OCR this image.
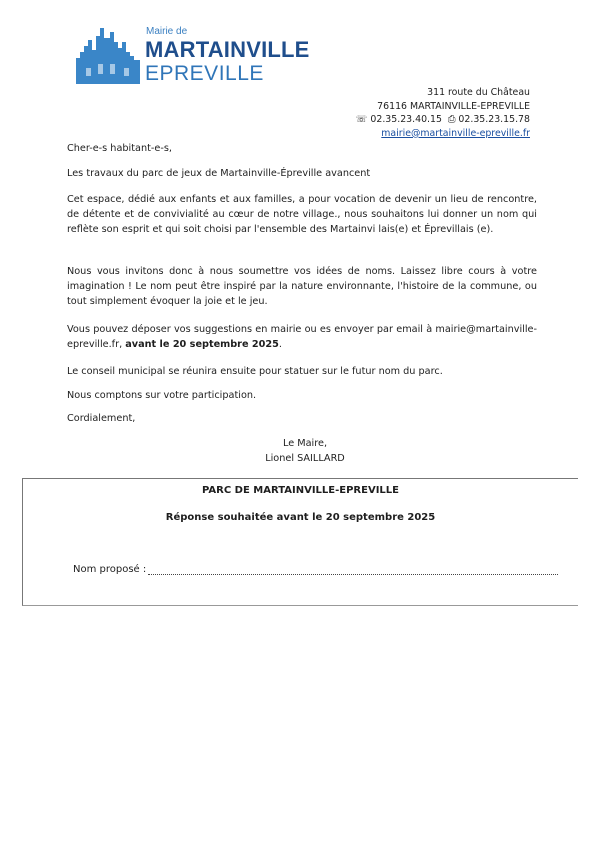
Mairie de
MARTAINVILLE
EPREVILLE
311 route du Château
76116 MARTAINVILLE-EPREVILLE
☏ 02.35.23.40.15  ⎙ 02.35.23.15.78
mairie@martainville-epreville.fr

Cher-e-s habitant-e-s,

Les travaux du parc de jeux de Martainville-Épreville avancent

Cet espace, dédié aux enfants et aux familles, a pour vocation de devenir un lieu de rencontre, de détente et de convivialité au cœur de notre village., nous souhaitons lui donner un nom qui reflète son esprit et qui soit choisi par l'ensemble des Martainvi lais(e) et Éprevillais (e).

Nous vous invitons donc à nous soumettre vos idées de noms. Laissez libre cours à votre imagination ! Le nom peut être inspiré par la nature environnante, l'histoire de la commune, ou tout simplement évoquer la joie et le jeu.

Vous pouvez déposer vos suggestions en mairie ou es envoyer par email à mairie@martainville-epreville.fr, avant le 20 septembre 2025.

Le conseil municipal se réunira ensuite pour statuer sur le futur nom du parc.

Nous comptons sur votre participation.

Cordialement,

Le Maire,
Lionel SAILLARD
PARC DE MARTAINVILLE-EPREVILLE
Réponse souhaitée avant le 20 septembre 2025
Nom proposé :
